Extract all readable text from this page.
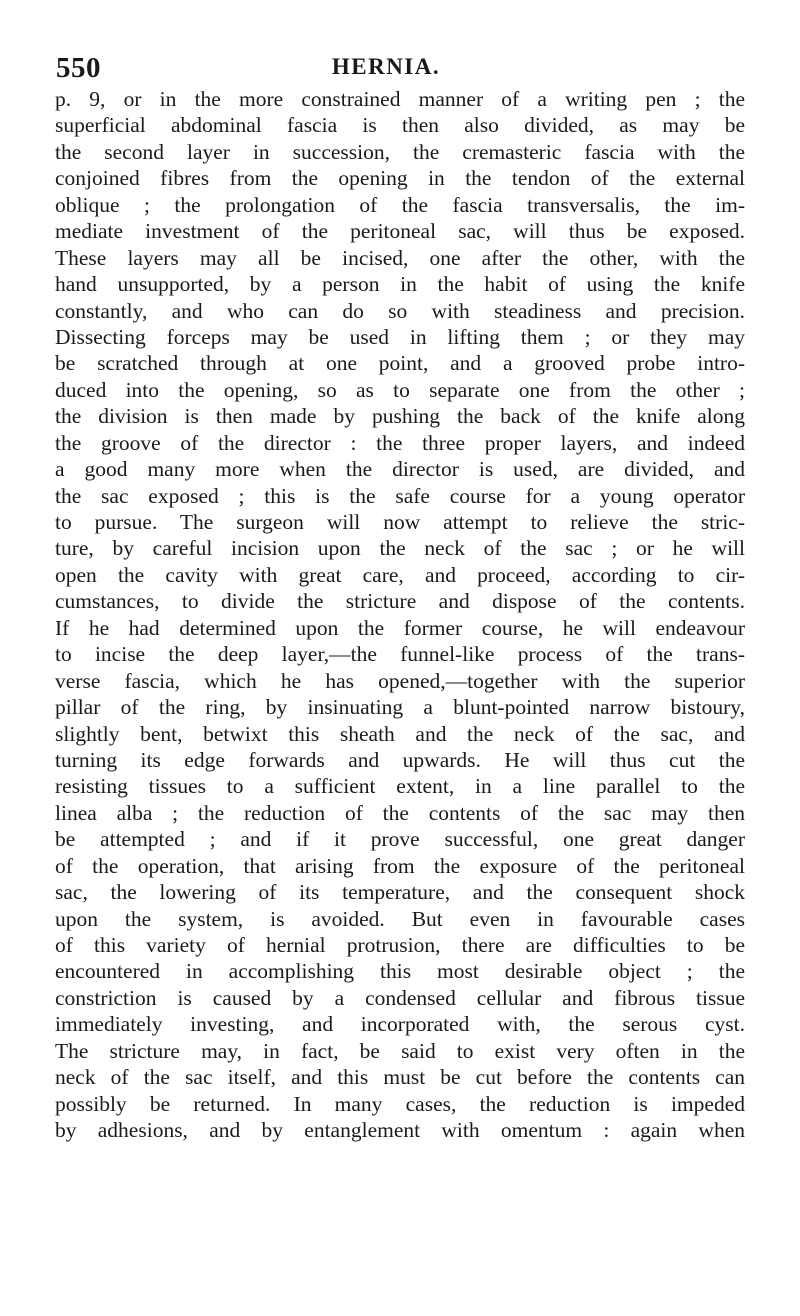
550	HERNIA.
p. 9, or in the more constrained manner of a writing pen ; the
superficial abdominal fascia is then also divided, as may be
the second layer in succession, the cremasteric fascia with the
conjoined fibres from the opening in the tendon of the external
oblique ; the prolongation of the fascia transversalis, the im-
mediate investment of the peritoneal sac, will thus be exposed.
These layers may all be incised, one after the other, with the
hand unsupported, by a person in the habit of using the knife
constantly, and who can do so with steadiness and precision.
Dissecting forceps may be used in lifting them ; or they may
be scratched through at one point, and a grooved probe intro-
duced into the opening, so as to separate one from the other ;
the division is then made by pushing the back of the knife along
the groove of the director : the three proper layers, and indeed
a good many more when the director is used, are divided, and
the sac exposed ; this is the safe course for a young operator
to pursue. The surgeon will now attempt to relieve the stric-
ture, by careful incision upon the neck of the sac ; or he will
open the cavity with great care, and proceed, according to cir-
cumstances, to divide the stricture and dispose of the contents.
If he had determined upon the former course, he will endeavour
to incise the deep layer,—the funnel-like process of the trans-
verse fascia, which he has opened,—together with the superior
pillar of the ring, by insinuating a blunt-pointed narrow bistoury,
slightly bent, betwixt this sheath and the neck of the sac, and
turning its edge forwards and upwards. He will thus cut the
resisting tissues to a sufficient extent, in a line parallel to the
linea alba ; the reduction of the contents of the sac may then
be attempted ; and if it prove successful, one great danger
of the operation, that arising from the exposure of the peritoneal
sac, the lowering of its temperature, and the consequent shock
upon the system, is avoided. But even in favourable cases
of this variety of hernial protrusion, there are difficulties to be
encountered in accomplishing this most desirable object ; the
constriction is caused by a condensed cellular and fibrous tissue
immediately investing, and incorporated with, the serous cyst.
The stricture may, in fact, be said to exist very often in the
neck of the sac itself, and this must be cut before the contents can
possibly be returned. In many cases, the reduction is impeded
by adhesions, and by entanglement with omentum : again when
